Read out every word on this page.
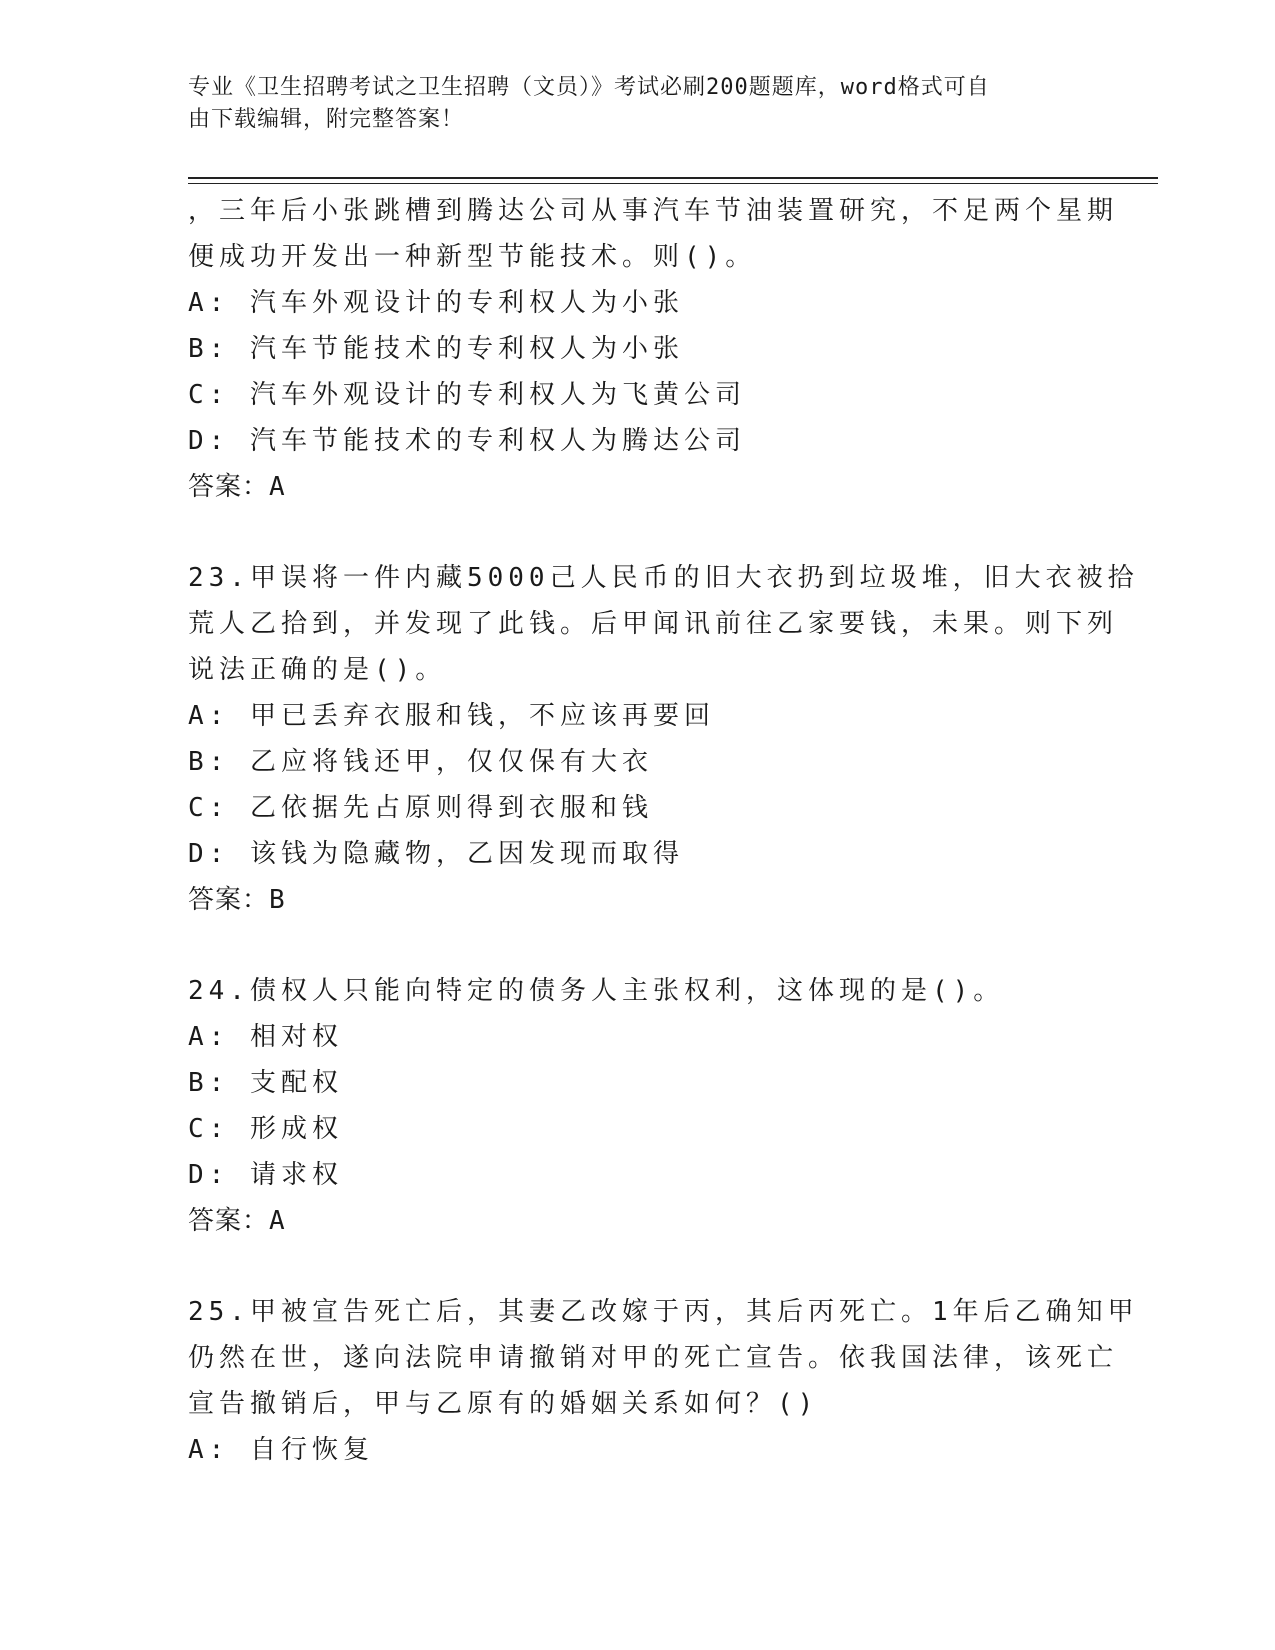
专业《卫生招聘考试之卫生招聘（文员）》考试必刷200题题库，word格式可自
由下载编辑，附完整答案！
，三年后小张跳槽到腾达公司从事汽车节油装置研究，不足两个星期
便成功开发出一种新型节能技术。则()。
A: 汽车外观设计的专利权人为小张
B: 汽车节能技术的专利权人为小张
C: 汽车外观设计的专利权人为飞黄公司
D: 汽车节能技术的专利权人为腾达公司
答案：A
23.甲误将一件内藏5000己人民币的旧大衣扔到垃圾堆，旧大衣被拾
荒人乙拾到，并发现了此钱。后甲闻讯前往乙家要钱，未果。则下列
说法正确的是()。
A: 甲已丢弃衣服和钱，不应该再要回
B: 乙应将钱还甲，仅仅保有大衣
C: 乙依据先占原则得到衣服和钱
D: 该钱为隐藏物，乙因发现而取得
答案：B
24.债权人只能向特定的债务人主张权利，这体现的是()。
A: 相对权
B: 支配权
C: 形成权
D: 请求权
答案：A
25.甲被宣告死亡后，其妻乙改嫁于丙，其后丙死亡。1年后乙确知甲
仍然在世，遂向法院申请撤销对甲的死亡宣告。依我国法律，该死亡
宣告撤销后，甲与乙原有的婚姻关系如何？()
A: 自行恢复
